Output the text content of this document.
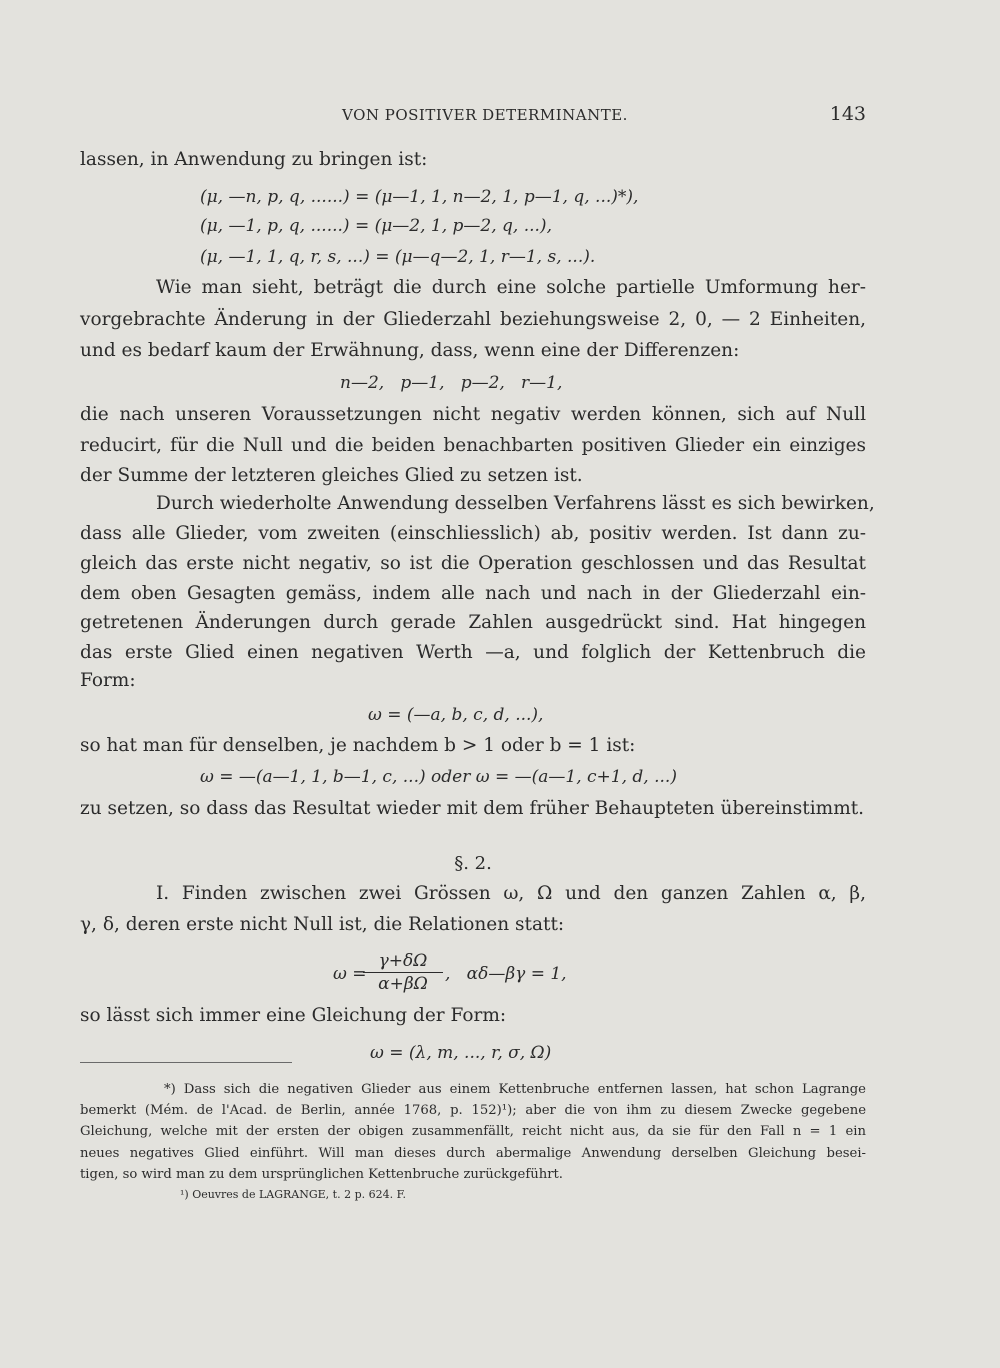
VON POSITIVER DETERMINANTE.	143
lassen, in Anwendung zu bringen ist:
(μ, —n, p, q, ......) = (μ—1, 1, n—2, 1, p—1, q, ...)*),
(μ, —1, p, q, ......) = (μ—2, 1, p—2, q, ...),
(μ, —1, 1, q, r, s, ...) = (μ—q—2, 1, r—1, s, ...).
Wie man sieht, beträgt die durch eine solche partielle Umformung her-
vorgebrachte Änderung in der Gliederzahl beziehungsweise 2, 0, — 2 Einheiten,
und es bedarf kaum der Erwähnung, dass, wenn eine der Differenzen:
n—2,   p—1,   p—2,   r—1,
die nach unseren Voraussetzungen nicht negativ werden können, sich auf Null
reducirt, für die Null und die beiden benachbarten positiven Glieder ein einziges
der Summe der letzteren gleiches Glied zu setzen ist.
Durch wiederholte Anwendung desselben Verfahrens lässt es sich bewirken,
dass alle Glieder, vom zweiten (einschliesslich) ab, positiv werden. Ist dann zu-
gleich das erste nicht negativ, so ist die Operation geschlossen und das Resultat
dem oben Gesagten gemäss, indem alle nach und nach in der Gliederzahl ein-
getretenen Änderungen durch gerade Zahlen ausgedrückt sind. Hat hingegen
das erste Glied einen negativen Werth —a, und folglich der Kettenbruch die
Form:
ω = (—a, b, c, d, ...),
so hat man für denselben, je nachdem b > 1 oder b = 1 ist:
ω = —(a—1, 1, b—1, c, ...) oder ω = —(a—1, c+1, d, ...)
zu setzen, so dass das Resultat wieder mit dem früher Behaupteten übereinstimmt.
§. 2.
I. Finden zwischen zwei Grössen ω, Ω und den ganzen Zahlen α, β,
γ, δ, deren erste nicht Null ist, die Relationen statt:
ω =
γ+δΩ
α+βΩ	,   αδ—βγ = 1,
so lässt sich immer eine Gleichung der Form:
ω = (λ, m, ..., r, σ, Ω)
*) Dass sich die negativen Glieder aus einem Kettenbruche entfernen lassen, hat schon Lagrange
bemerkt (Mém. de l'Acad. de Berlin, année 1768, p. 152)¹); aber die von ihm zu diesem Zwecke gegebene
Gleichung, welche mit der ersten der obigen zusammenfällt, reicht nicht aus, da sie für den Fall n = 1 ein
neues negatives Glied einführt. Will man dieses durch abermalige Anwendung derselben Gleichung besei-
tigen, so wird man zu dem ursprünglichen Kettenbruche zurückgeführt.
¹) Oeuvres de LAGRANGE, t. 2 p. 624. F.
